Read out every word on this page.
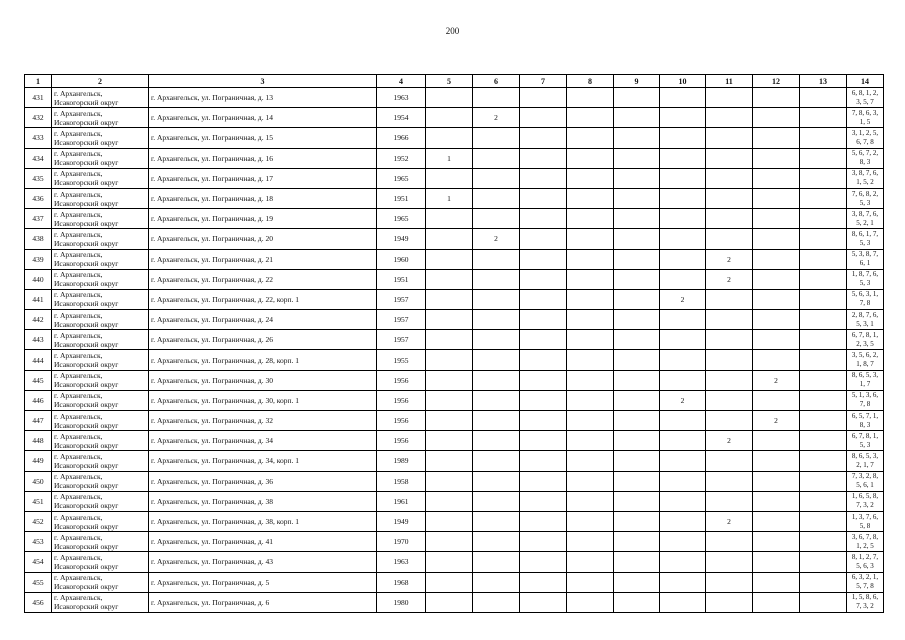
200
1	2	3	4	5	6	7	8	9	10	11	12	13	14
431	г. Архангельск,
Исакогорский округ	г. Архангельск, ул. Пограничная, д. 13	1963										6, 8, 1, 2, 3, 5, 7
432	г. Архангельск,
Исакогорский округ	г. Архангельск, ул. Пограничная, д. 14	1954		2								7, 8, 6, 3, 1, 5
433	г. Архангельск,
Исакогорский округ	г. Архангельск, ул. Пограничная, д. 15	1966										3, 1, 2, 5, 6, 7, 8
434	г. Архангельск,
Исакогорский округ	г. Архангельск, ул. Пограничная, д. 16	1952	1									5, 6, 7, 2, 8, 3
435	г. Архангельск,
Исакогорский округ	г. Архангельск, ул. Пограничная, д. 17	1965										3, 8, 7, 6, 1, 5, 2
436	г. Архангельск,
Исакогорский округ	г. Архангельск, ул. Пограничная, д. 18	1951	1									7, 6, 8, 2, 5, 3
437	г. Архангельск,
Исакогорский округ	г. Архангельск, ул. Пограничная, д. 19	1965										3, 8, 7, 6, 5, 2, 1
438	г. Архангельск,
Исакогорский округ	г. Архангельск, ул. Пограничная, д. 20	1949		2								8, 6, 1, 7, 5, 3
439	г. Архангельск,
Исакогорский округ	г. Архангельск, ул. Пограничная, д. 21	1960							2			5, 3, 8, 7, 6, 1
440	г. Архангельск,
Исакогорский округ	г. Архангельск, ул. Пограничная, д. 22	1951							2			1, 8, 7, 6, 5, 3
441	г. Архангельск,
Исакогорский округ	г. Архангельск, ул. Пограничная, д. 22, корп. 1	1957						2				5, 6, 3, 1, 7, 8
442	г. Архангельск,
Исакогорский округ	г. Архангельск, ул. Пограничная, д. 24	1957										2, 8, 7, 6, 5, 3, 1
443	г. Архангельск,
Исакогорский округ	г. Архангельск, ул. Пограничная, д. 26	1957										6, 7, 8, 1, 2, 3, 5
444	г. Архангельск,
Исакогорский округ	г. Архангельск, ул. Пограничная, д. 28, корп. 1	1955										3, 5, 6, 2, 1, 8, 7
445	г. Архангельск,
Исакогорский округ	г. Архангельск, ул. Пограничная, д. 30	1956								2		8, 6, 5, 3, 1, 7
446	г. Архангельск,
Исакогорский округ	г. Архангельск, ул. Пограничная, д. 30, корп. 1	1956						2				5, 1, 3, 6, 7, 8
447	г. Архангельск,
Исакогорский округ	г. Архангельск, ул. Пограничная, д. 32	1956								2		6, 5, 7, 1, 8, 3
448	г. Архангельск,
Исакогорский округ	г. Архангельск, ул. Пограничная, д. 34	1956							2			6, 7, 8, 1, 5, 3
449	г. Архангельск,
Исакогорский округ	г. Архангельск, ул. Пограничная, д. 34, корп. 1	1989										8, 6, 5, 3, 2, 1, 7
450	г. Архангельск,
Исакогорский округ	г. Архангельск, ул. Пограничная, д. 36	1958										7, 3, 2, 8, 5, 6, 1
451	г. Архангельск,
Исакогорский округ	г. Архангельск, ул. Пограничная, д. 38	1961										1, 6, 5, 8, 7, 3, 2
452	г. Архангельск,
Исакогорский округ	г. Архангельск, ул. Пограничная, д. 38, корп. 1	1949							2			1, 3, 7, 6, 5, 8
453	г. Архангельск,
Исакогорский округ	г. Архангельск, ул. Пограничная, д. 41	1970										3, 6, 7, 8, 1, 2, 5
454	г. Архангельск,
Исакогорский округ	г. Архангельск, ул. Пограничная, д. 43	1963										8, 1, 2, 7, 5, 6, 3
455	г. Архангельск,
Исакогорский округ	г. Архангельск, ул. Пограничная, д. 5	1968										6, 3, 2, 1, 5, 7, 8
456	г. Архангельск,
Исакогорский округ	г. Архангельск, ул. Пограничная, д. 6	1980										1, 5, 8, 6, 7, 3, 2
